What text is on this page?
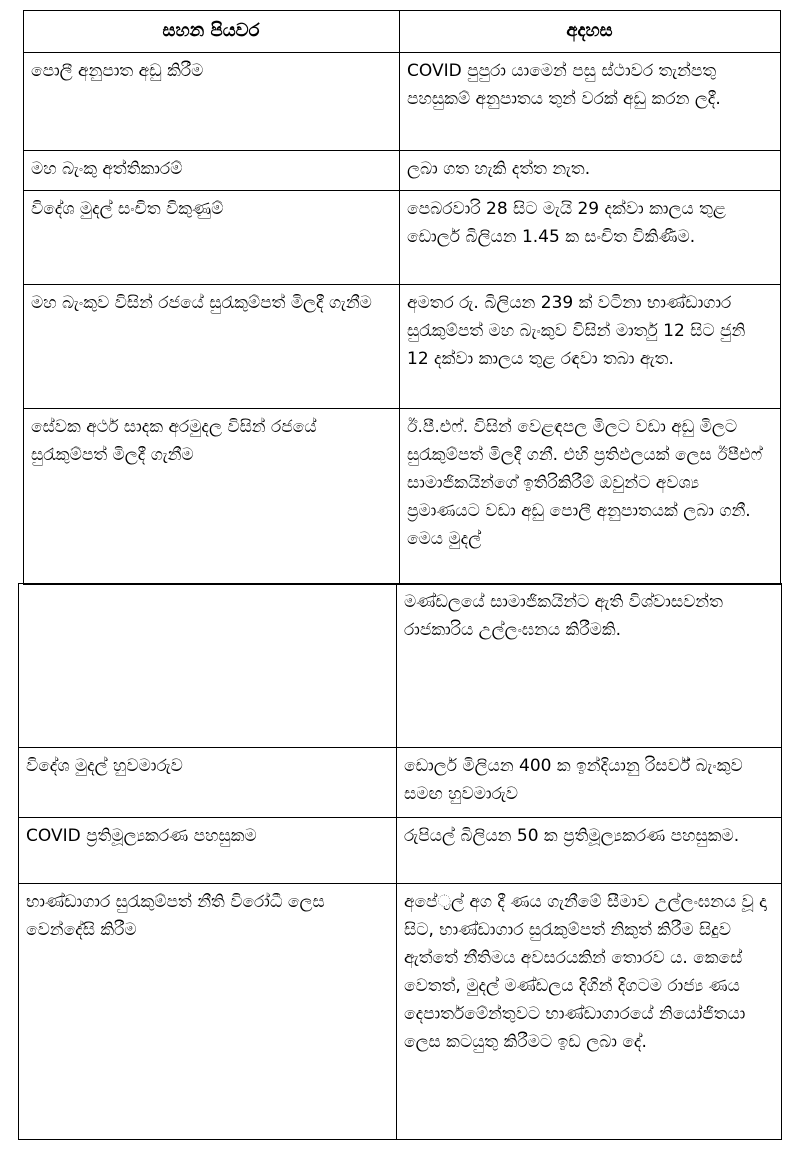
සහන පියවර	අදහස
පොලී අනුපාත අඩු කිරීම	COVID පුපුරා යාමෙන් පසු ස්ථාවර තැන්පතු පහසුකම් අනුපාතය තුන් වරක් අඩු කරන ලදී.
මහ බැංකු අත්තිකාරම්	ලබා ගත හැකි දත්ත නැත.
විදේශ මුදල් සංචිත විකුණුම්	පෙබරවාරි 28 සිට මැයි 29 දක්වා කාලය තුළ ඩොලර් බිලියන 1.45 ක සංචිත විකිණීම.
මහ බැංකුව විසින් රජයේ සුරැකුම්පත් මිලදී ගැනීම	අමතර රු. බිලියන 239 ක් වටිනා භාණ්ඩාගාර සුරැකුම්පත් මහ බැංකුව විසින් මාර්තු 12 සිට ජුනි 12 දක්වා කාලය තුළ රඳවා තබා ඇත.
සේවක අර්ථ සාදක අරමුදල විසින් රජයේ සුරැකුම්පත් මිලදී ගැනීම	ඊ.පී.එෆ්. විසින් වෙළඳපල මිලට වඩා අඩු මිලට සුරැකුම්පත් මිලදී ගනී. එහි ප්‍රතිඵලයක් ලෙස ඊපීඑෆ් සාමාජිකයින්ගේ ඉතිරිකිරීම් ඔවුන්ට අවශ්‍ය ප්‍රමාණයට වඩා අඩු පොලී අනුපාතයක් ලබා ගනී. මෙය මුදල්
	මණ්ඩලයේ සාමාජිකයින්ට ඇති විශ්වාසවන්ත රාජකාරිය උල්ලංඝනය කිරීමකි.
විදේශ මුදල් හුවමාරුව	ඩොලර් මිලියන 400 ක ඉන්දියානු රිසර්ව් බැංකුව සමඟ හුවමාරුව
COVID ප්‍රතිමූල්‍යකරණ පහසුකම	රුපියල් බිලියන 50 ක ප්‍රතිමූල්‍යකරණ පහසුකම.
භාණ්ඩාගාර සුරැකුම්පත් නීති විරෝධී ලෙස වෙන්දේසි කිරීම	අපේ්‍රල් අග දී ණය ගැනීමේ සීමාව උල්ලංඝනය වූ දා සිට, භාණ්ඩාගාර සුරැකුම්පත් නිකුත් කිරීම සිදුව ඇත්තේ නීතිමය අවසරයකින් තොරව ය. කෙසේ වෙතත්, මුදල් මණ්ඩලය දිගින් දිගටම රාජ්‍ය ණය දෙපාර්තමේන්තුවට භාණ්ඩාගාරයේ නියෝජිතයා ලෙස කටයුතු කිරීමට ඉඩ ලබා දේ.
